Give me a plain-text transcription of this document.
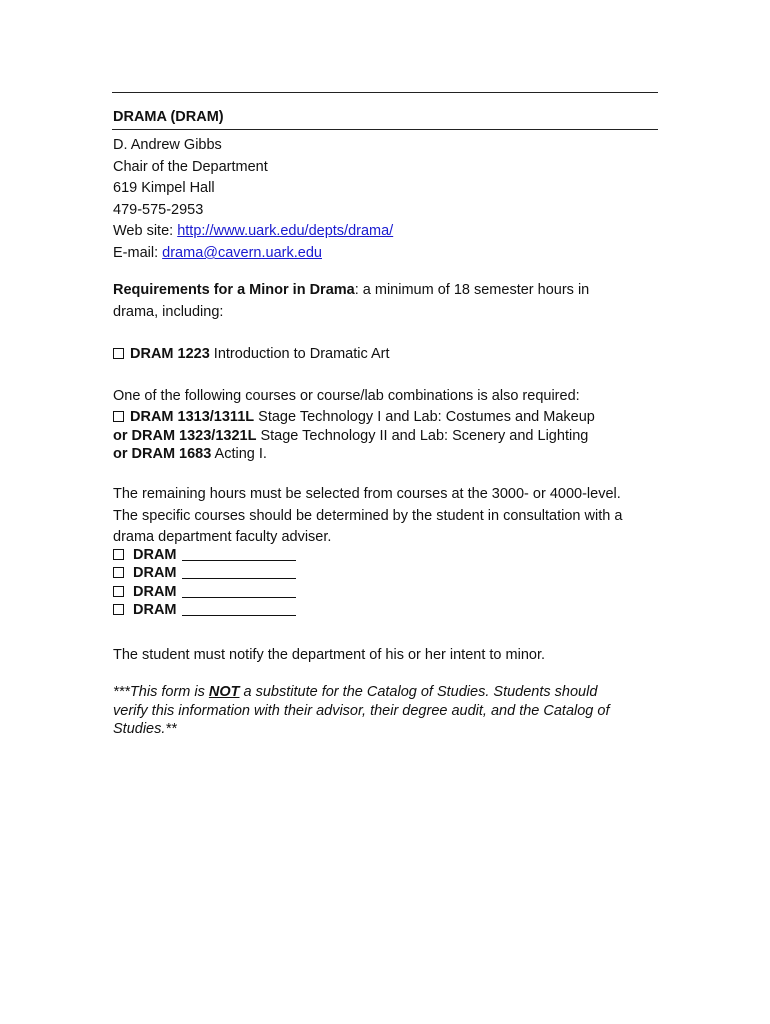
DRAMA (DRAM)
D. Andrew Gibbs
Chair of the Department
619 Kimpel Hall
479-575-2953
Web site: http://www.uark.edu/depts/drama/
E-mail: drama@cavern.uark.edu
Requirements for a Minor in Drama: a minimum of 18 semester hours in
drama, including:
DRAM 1223 Introduction to Dramatic Art
One of the following courses or course/lab combinations is also required:
DRAM 1313/1311L Stage Technology I and Lab: Costumes and Makeup
or DRAM 1323/1321L Stage Technology II and Lab: Scenery and Lighting
or DRAM 1683 Acting I.
The remaining hours must be selected from courses at the 3000- or 4000-level.
The specific courses should be determined by the student in consultation with a
drama department faculty adviser.
DRAM
DRAM
DRAM
DRAM
The student must notify the department of his or her intent to minor.
***This form is NOT a substitute for the Catalog of Studies. Students should
verify this information with their advisor, their degree audit, and the Catalog of
Studies.**
